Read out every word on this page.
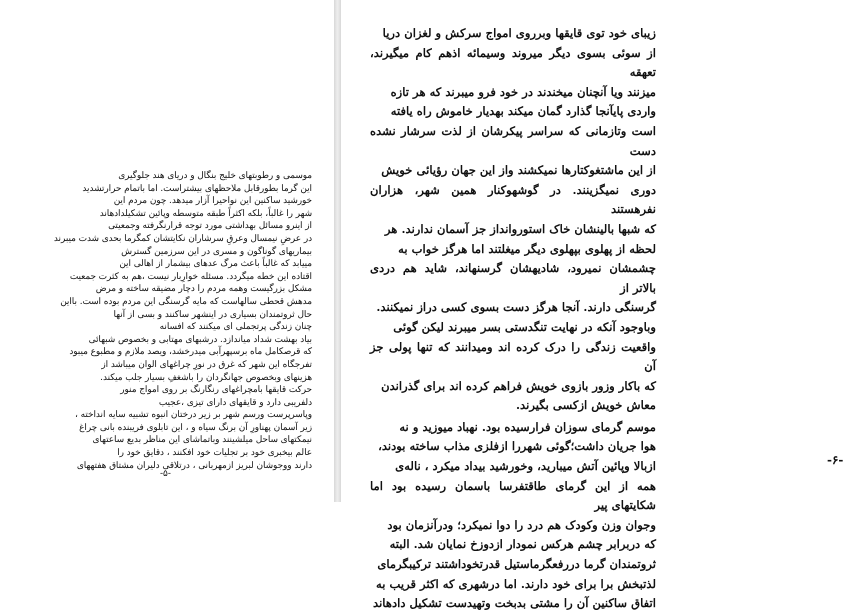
موسمی و رطوبتهای خلیج بنگال و دریای هند جلوگیری
این گرما بطورقابل ملاحظهای بیشتراست. اما باتمام حرارتشدید
خورشید ساکنین این نواحیرا آزار میدهد. چون مردم این
شهر را غالباً، بلکه اکثراً طبقه متوسطه وپائین تشکیلدادهاند
از اینرو مسائل بهداشتی مورد توجه قرارنگرفته وجمعیتی
در عرضِ نیمسال وعرقِ سرشاران نکایتشان کمگرما بحدی شدت میبرند
بیماریهای گوناگون و مسری در این سرزمین گسترش
مییابد که غالباً باعث مرگ عدهای بیشمار از اهالی این
اقتاده این خطه میگردد. مسئله خوارِبار نیست ،هم به کثرت جمعیت
مشکل بزرگیست وهمه مردم را دچار مضیقه ساخته و مرض
مدهش قحطی سالهاست که مایه گرسنگی این مردم بوده است. بااین
حال ثروتمندان بسیاری در اینشهر ساکنند و بسی از آنها
چنان زندگی پرتجملی ای میکنند که افسانه
بیاد بهشت شداد میاندازد. درشبهای مهتابی و بخصوص شبهائی
که قرصکامل ماه برسپهرآبی میدرخشد، ویصد ملازم و مطبوع میبود
تفرجگاه این شهر که غرق در نورِ چراغهای الوان میباشد از
هزینهای وبخصوص جهانگردان را باشغفِ بسیار جلب میکند.
حرکت قایقها بامچراغهای رنگارنگ بر روی امواج منور
دلفریبی دارد و قایقهای دارای تیزی ،عجیب
وپاسرپرست ورسم شهر بر زیر درختان انبوه تشبیه سایه انداخته ،
زیر آسمان پهناورِ آن برنگ سیاه و ، این تابلوی فریبنده بانی چراغ
نیمکتهای ساحل میلشینند وباتماشای این مناظر بدیع ساعتهای
عالم بیخبری خود بر تجلیات خود افکنند ، دقایق خود را
دارند ووجوشان لبریز ازمهربانی ، درتلاقی دلیران مشتاق هفتههای
-۵-
-۶-
زیبای خود توی قایقها وبرروی امواج سرکش و لغزان دریا
از سوئی بسوی دیگر میروند وسیمائه اذهم کام میگیرند، تعهقه
میزنند ویا آنچنان میخندند در خود فرو میبرند که هر تازه
واردی پایآنجا گذارد گمان میکند بهدیار خاموش راه یافته
است وتازمانی که سراسر پیکرشان از لذت سرشار نشده دست
از این ماشتغوکتارها نمیکشند واز این جهان رؤیائی خویش
دوری نمیگزینند. در گوشهوکنار همین شهر، هزاران نفرهستند
که شبها بالینشان خاک استوروانداز جز آسمان ندارند. هر
لحظه از پهلوی بپهلوی دیگر میغلتند اما هرگز خواب به
چشمشان نمیرود، شادیهشان گرسنهاند، شاید هم دردی بالاتر از
گرسنگی دارند. آنجا هرگز دست بسوی کسی دراز نمیکنند.
وباوجود آنکه در نهایت تنگدستی بسر میبرند لیکن گوئی
واقعیت زندگی را درک کرده اند ومیدانند که تنها پولی جز آن
که باکار وزور بازوی خویش فراهم کرده اند برای گذراندن
معاش خویش ازکسی بگیرند.
موسم گرمای سوزان فرارسیده بود. نهباد میوزید و نه
هوا جریان داشت؛گوئی شهررا ازفلزی مذاب ساخته بودند،
ازبالا وپائین آتش میبارید، وخورشید بیداد میکرد ، ناله‌ی
همه از این گرمای طاقتفرسا باسمان رسیده بود اما شکایتهای پیر
وجوان وزن وکودک هم درد را دوا نمیکرد؛ ودرآنزمان بود
که دربرابر چشم هرکس نمودار ازدوزخ نمایان شد. البته
ثروتمندان گرما دررفعگرماستیل قدرتخوداشتند ترکیبگرمای
لذتبخش برا برای خود دارند. اما درشهری که اکثر قریب به
اتفاق ساکنین آن را مشتی بدبخت وتهیدست تشکیل دادهاند
